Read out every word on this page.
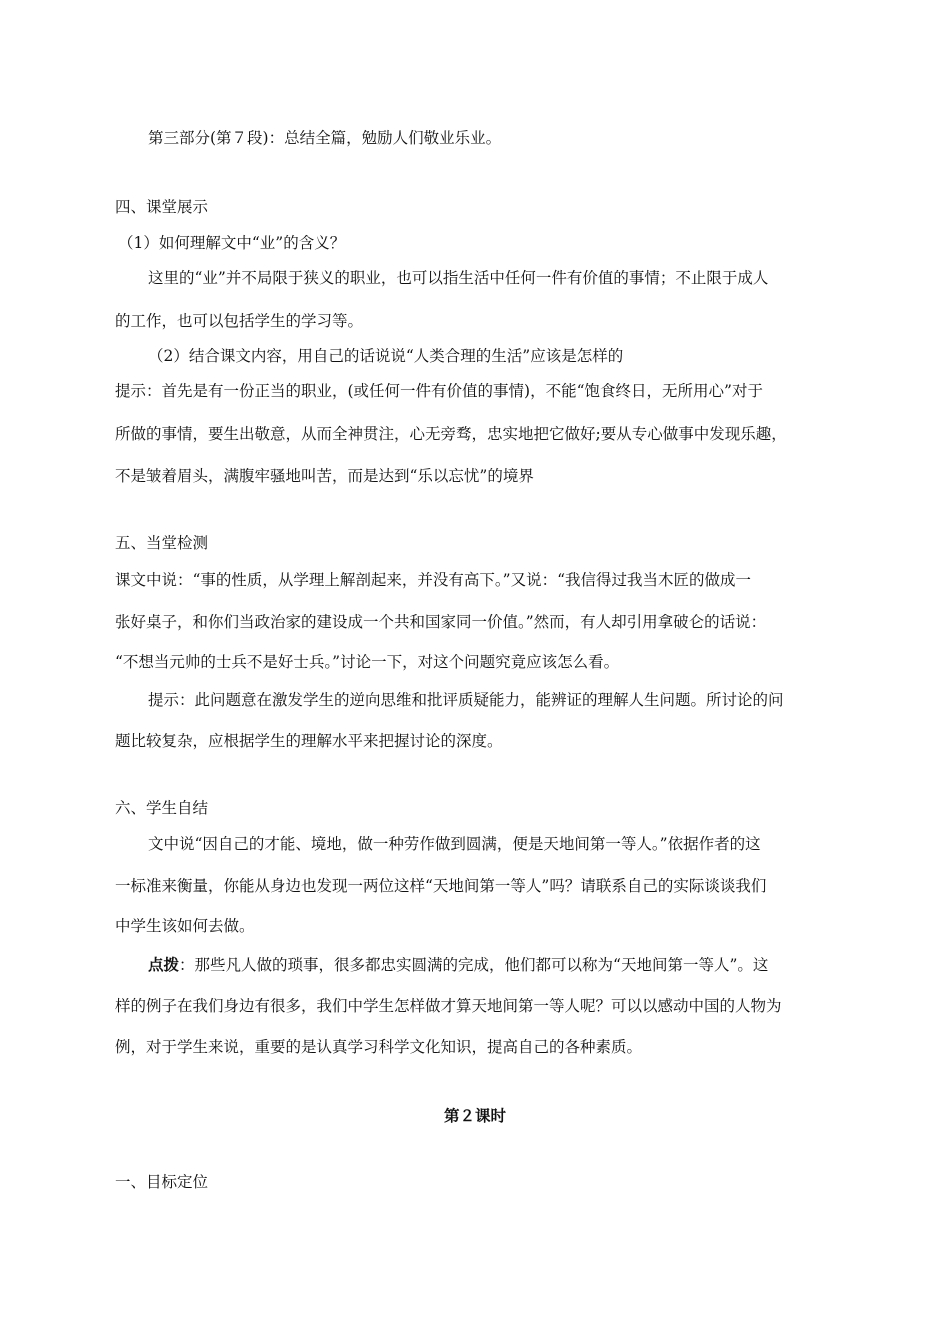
第三部分(第７段)：总结全篇，勉励人们敬业乐业。
四、课堂展示
（1）如何理解文中“业”的含义？
这里的“业”并不局限于狭义的职业，也可以指生活中任何一件有价值的事情；不止限于成人
的工作，也可以包括学生的学习等。
（2）结合课文内容，用自己的话说说“人类合理的生活”应该是怎样的
提示：首先是有一份正当的职业，(或任何一件有价值的事情)，不能“饱食终日，无所用心”对于
所做的事情，要生出敬意，从而全神贯注，心无旁骛，忠实地把它做好;要从专心做事中发现乐趣，
不是皱着眉头，满腹牢骚地叫苦，而是达到“乐以忘忧”的境界
五、当堂检测
课文中说：“事的性质，从学理上解剖起来，并没有高下。”又说：“我信得过我当木匠的做成一
张好桌子，和你们当政治家的建设成一个共和国家同一价值。”然而，有人却引用拿破仑的话说：
“不想当元帅的士兵不是好士兵。”讨论一下，对这个问题究竟应该怎么看。
提示：此问题意在激发学生的逆向思维和批评质疑能力，能辨证的理解人生问题。所讨论的问
题比较复杂，应根据学生的理解水平来把握讨论的深度。
六、学生自结
文中说“因自己的才能、境地，做一种劳作做到圆满，便是天地间第一等人。”依据作者的这
一标准来衡量，你能从身边也发现一两位这样“天地间第一等人”吗？请联系自己的实际谈谈我们
中学生该如何去做。
点拨：那些凡人做的琐事，很多都忠实圆满的完成，他们都可以称为“天地间第一等人”。这
样的例子在我们身边有很多，我们中学生怎样做才算天地间第一等人呢？可以以感动中国的人物为
例，对于学生来说，重要的是认真学习科学文化知识，提高自己的各种素质。
第２课时
一、目标定位
